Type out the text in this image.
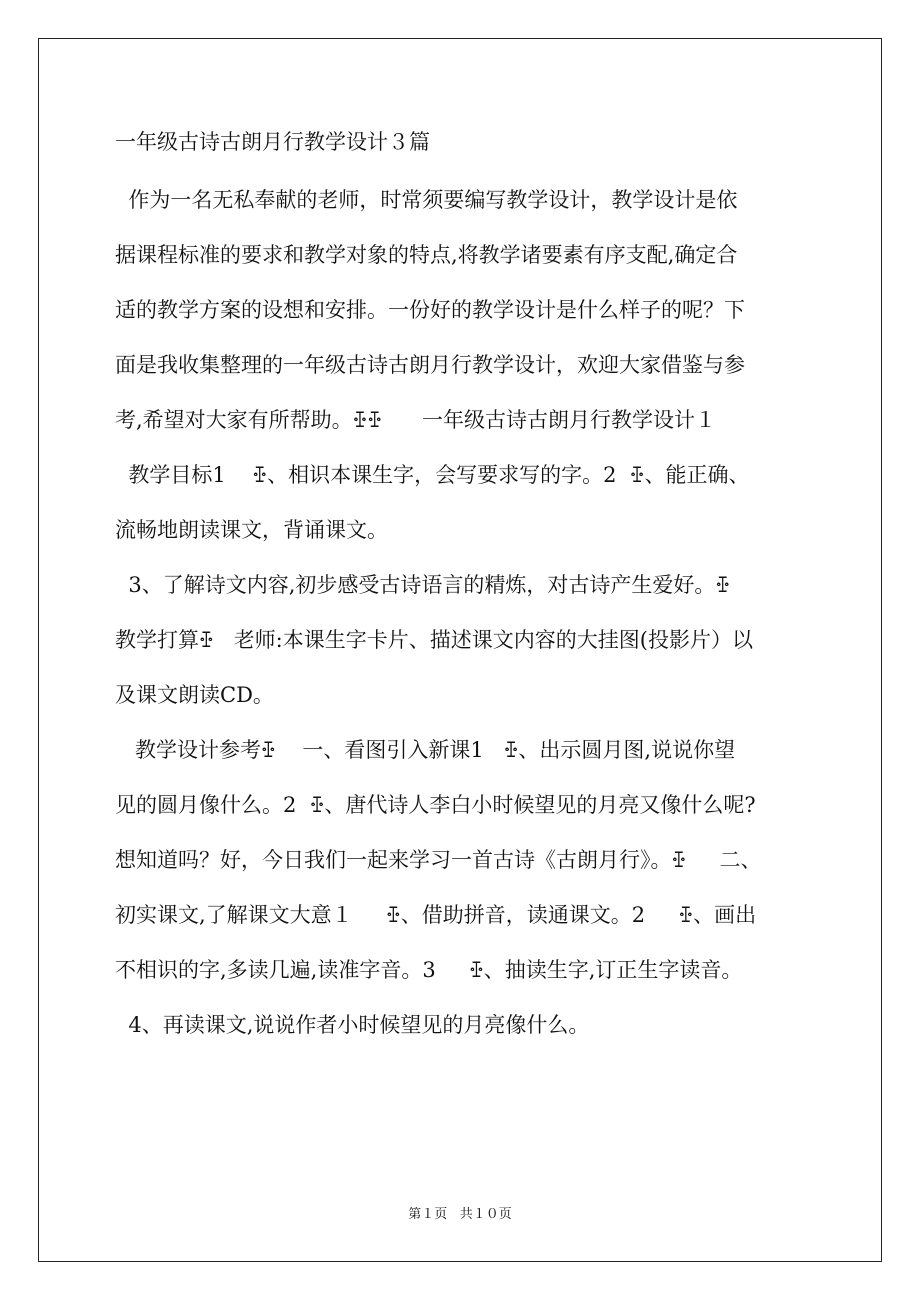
一年级古诗古朗月行教学设计３篇
作为一名无私奉献的老师，时常须要编写教学设计，教学设计是依
据课程标准的要求和教学对象的特点,将教学诸要素有序支配,确定合
适的教学方案的设想和安排。一份好的教学设计是什么样子的呢？下
面是我收集整理的一年级古诗古朗月行教学设计，欢迎大家借鉴与参
考,希望对大家有所帮助。ꔀꔀ      一年级古诗古朗月行教学设计１
教学目标1    ꔀ、相识本课生字，会写要求写的字。2  ꔀ、能正确、
流畅地朗读课文，背诵课文。
3、了解诗文内容,初步感受古诗语言的精炼，对古诗产生爱好。ꔀ
教学打算ꔀ   老师:本课生字卡片、描述课文内容的大挂图(投影片）以
及课文朗读CD。
教学设计参考ꔀ    一、看图引入新课1   ꔀ、出示圆月图,说说你望
见的圆月像什么。2  ꔀ、唐代诗人李白小时候望见的月亮又像什么呢?
想知道吗？好，今日我们一起来学习一首古诗《古朗月行》。ꔀ     二、
初实课文,了解课文大意１     ꔀ、借助拼音，读通课文。2     ꔀ、画出
不相识的字,多读几遍,读准字音。3     ꔀ、抽读生字,订正生字读音。
4、再读课文,说说作者小时候望见的月亮像什么。
第１页   共１０页
